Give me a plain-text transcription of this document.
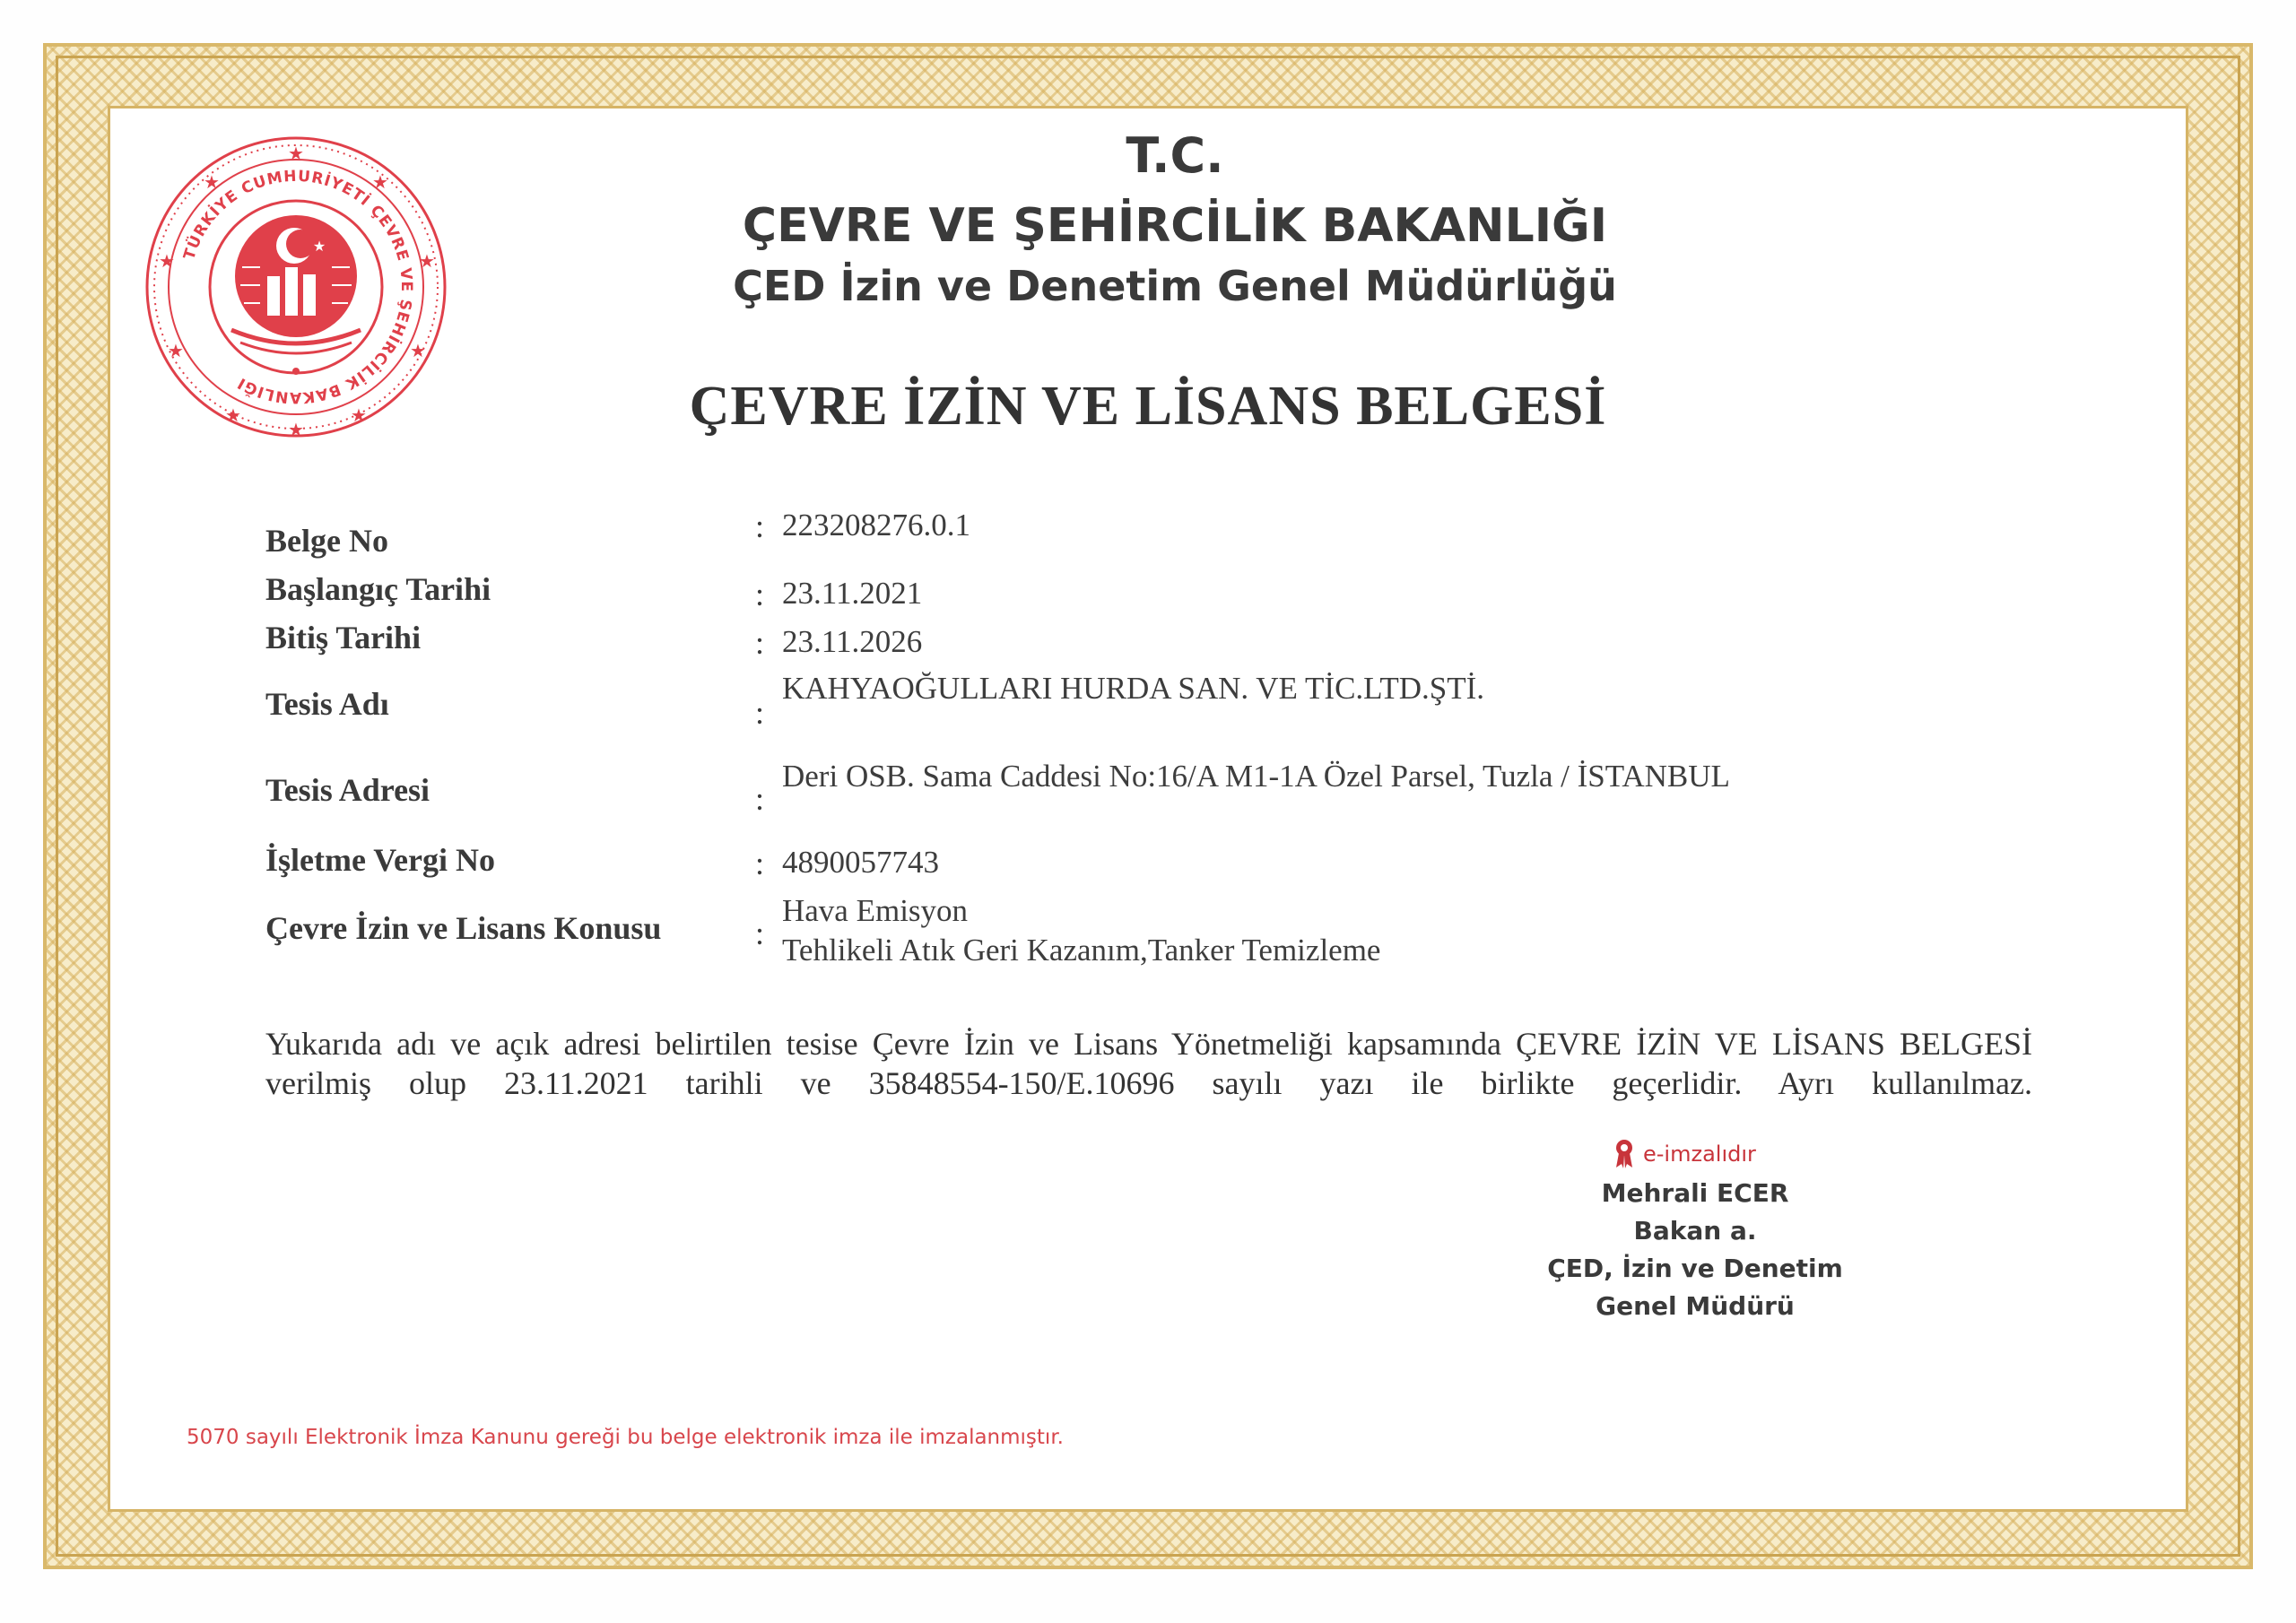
★
★	★
★	★
★	★
★	★
★
TÜRKİYE CUMHURİYETİ ÇEVRE VE ŞEHİRCİLİK BAKANLIĞI
★
T.C.
ÇEVRE VE ŞEHİRCİLİK BAKANLIĞI
ÇED İzin ve Denetim Genel Müdürlüğü
ÇEVRE İZİN VE LİSANS BELGESİ
Belge No	: 223208276.0.1
Başlangıç Tarihi	: 23.11.2021
Bitiş Tarihi	: 23.11.2026
Tesis Adı	:
KAHYAOĞULLARI HURDA SAN. VE TİC.LTD.ŞTİ.
Tesis Adresi	:
Deri OSB. Sama Caddesi No:16/A M1-1A Özel Parsel, Tuzla / İSTANBUL
İşletme Vergi No	: 4890057743
Çevre İzin ve Lisans Konusu	:
Hava Emisyon
Tehlikeli Atık Geri Kazanım,Tanker Temizleme
Yukarıda adı ve açık adresi belirtilen tesise Çevre İzin ve Lisans Yönetmeliği kapsamında ÇEVRE İZİN VE LİSANS BELGESİ
verilmiş olup 23.11.2021 tarihli ve 35848554-150/E.10696 sayılı yazı ile birlikte geçerlidir. Ayrı kullanılmaz.
e-imzalıdır
Mehrali ECER
Bakan a.
ÇED, İzin ve Denetim
Genel Müdürü
5070 sayılı Elektronik İmza Kanunu gereği bu belge elektronik imza ile imzalanmıştır.
